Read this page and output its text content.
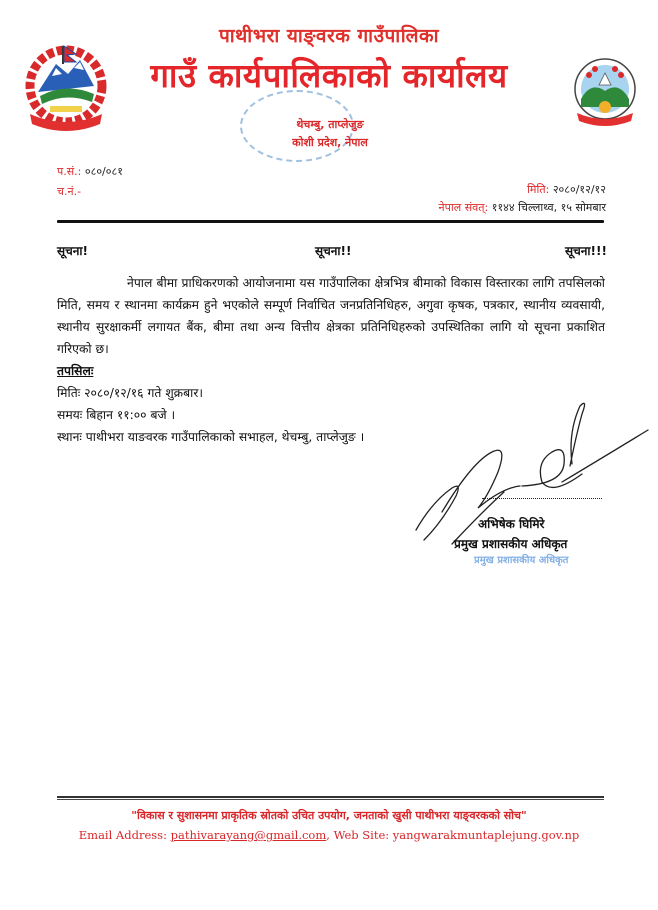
पाथीभरा याङ्वरक गाउँपालिका
गाउँ कार्यपालिकाको कार्यालय
थेचम्बु, ताप्लेजुङ
कोशी प्रदेश, नेपाल
प.सं.: ०८०/०८१
च.नं.-	मिति: २०८०/१२/१२
नेपाल संवत्: ११४४ चिल्लाथ्व, १५ सोमबार
सूचना!	सूचना!!	सूचना!!!
नेपाल बीमा प्राधिकरणको आयोजनामा यस गाउँपालिका क्षेत्रभित्र बीमाको विकास विस्तारका लागि तपसिलको मिति, समय र स्थानमा कार्यक्रम हुने भएकोले सम्पूर्ण निर्वाचित जनप्रतिनिधिहरु, अगुवा कृषक, पत्रकार, स्थानीय व्यवसायी, स्थानीय सुरक्षाकर्मी लगायत बैंक, बीमा तथा अन्य वित्तीय क्षेत्रका प्रतिनिधिहरुको उपस्थितिका लागि यो सूचना प्रकाशित गरिएको छ।
तपसिलः
मितिः २०८०/१२/१६ गते शुक्रबार।
समयः बिहान ११:०० बजे ।
स्थानः पाथीभरा याङवरक गाउँपालिकाको सभाहल, थेचम्बु, ताप्लेजुङ ।
अभिषेक घिमिरे
प्रमुख प्रशासकीय अधिकृत
प्रमुख प्रशासकीय अधिकृत
"विकास र सुशासनमा प्राकृतिक स्रोतको उचित उपयोग, जनताको खुसी पाथीभरा याङ्वरकको सोच"
Email Address: pathivarayang@gmail.com, Web Site: yangwarakmuntaplejung.gov.np
